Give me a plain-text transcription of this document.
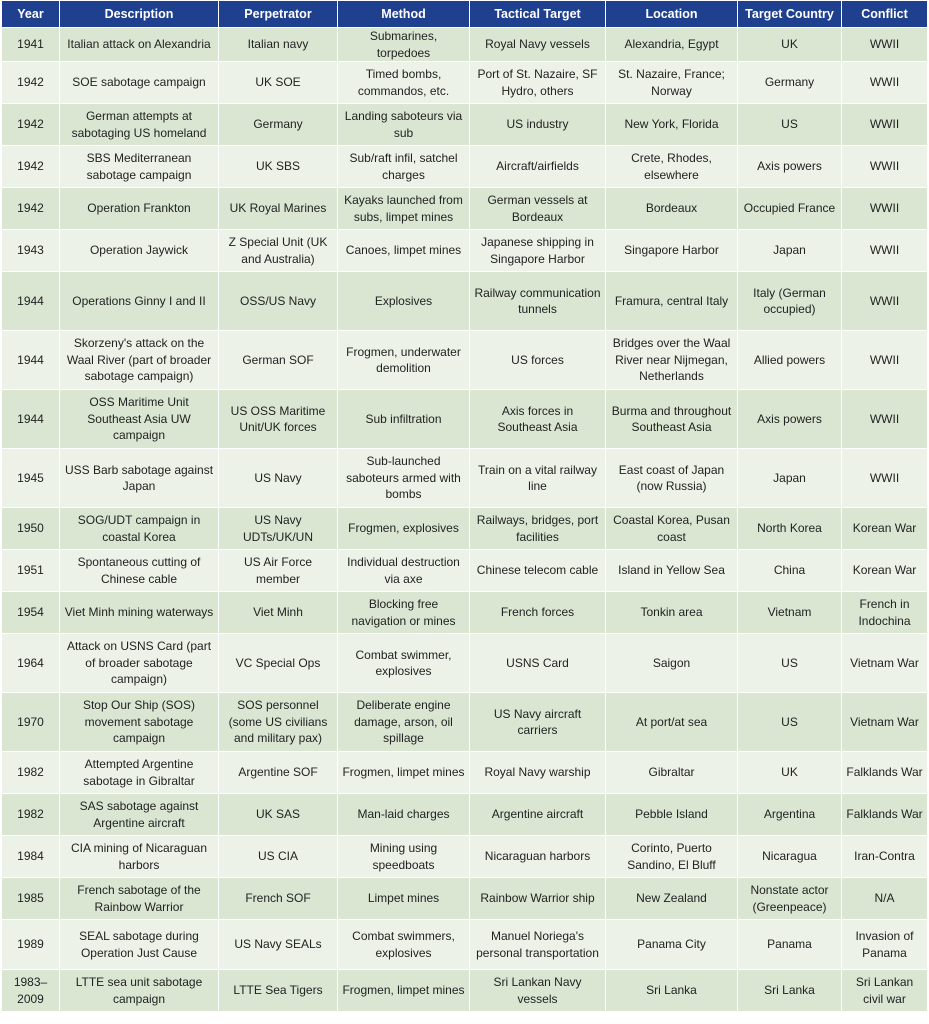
Year	Description	Perpetrator	Method	Tactical Target	Location	Target Country	Conflict
1941	Italian attack on Alexandria	Italian navy	Submarines, torpedoes	Royal Navy vessels	Alexandria, Egypt	UK	WWII
1942	SOE sabotage campaign	UK SOE	Timed bombs, commandos, etc.	Port of St. Nazaire, SF Hydro, others	St. Nazaire, France; Norway	Germany	WWII
1942	German attempts at sabotaging US homeland	Germany	Landing saboteurs via sub	US industry	New York, Florida	US	WWII
1942	SBS Mediterranean sabotage campaign	UK SBS	Sub/raft infil, satchel charges	Aircraft/airfields	Crete, Rhodes, elsewhere	Axis powers	WWII
1942	Operation Frankton	UK Royal Marines	Kayaks launched from subs, limpet mines	German vessels at Bordeaux	Bordeaux	Occupied France	WWII
1943	Operation Jaywick	Z Special Unit (UK and Australia)	Canoes, limpet mines	Japanese shipping in Singapore Harbor	Singapore Harbor	Japan	WWII
1944	Operations Ginny I and II	OSS/US Navy	Explosives	Railway communication tunnels	Framura, central Italy	Italy (German occupied)	WWII
1944	Skorzeny's attack on the Waal River (part of broader sabotage campaign)	German SOF	Frogmen, underwater demolition	US forces	Bridges over the Waal River near Nijmegan, Netherlands	Allied powers	WWII
1944	OSS Maritime Unit Southeast Asia UW campaign	US OSS Maritime Unit/UK forces	Sub infiltration	Axis forces in Southeast Asia	Burma and throughout Southeast Asia	Axis powers	WWII
1945	USS Barb sabotage against Japan	US Navy	Sub-launched saboteurs armed with bombs	Train on a vital railway line	East coast of Japan (now Russia)	Japan	WWII
1950	SOG/UDT campaign in coastal Korea	US Navy UDTs/UK/UN	Frogmen, explosives	Railways, bridges, port facilities	Coastal Korea, Pusan coast	North Korea	Korean War
1951	Spontaneous cutting of Chinese cable	US Air Force member	Individual destruction via axe	Chinese telecom cable	Island in Yellow Sea	China	Korean War
1954	Viet Minh mining waterways	Viet Minh	Blocking free navigation or mines	French forces	Tonkin area	Vietnam	French in Indochina
1964	Attack on USNS Card (part of broader sabotage campaign)	VC Special Ops	Combat swimmer, explosives	USNS Card	Saigon	US	Vietnam War
1970	Stop Our Ship (SOS) movement sabotage campaign	SOS personnel (some US civilians and military pax)	Deliberate engine damage, arson, oil spillage	US Navy aircraft carriers	At port/at sea	US	Vietnam War
1982	Attempted Argentine sabotage in Gibraltar	Argentine SOF	Frogmen, limpet mines	Royal Navy warship	Gibraltar	UK	Falklands War
1982	SAS sabotage against Argentine aircraft	UK SAS	Man-laid charges	Argentine aircraft	Pebble Island	Argentina	Falklands War
1984	CIA mining of Nicaraguan harbors	US CIA	Mining using speedboats	Nicaraguan harbors	Corinto, Puerto Sandino, El Bluff	Nicaragua	Iran-Contra
1985	French sabotage of the Rainbow Warrior	French SOF	Limpet mines	Rainbow Warrior ship	New Zealand	Nonstate actor (Greenpeace)	N/A
1989	SEAL sabotage during Operation Just Cause	US Navy SEALs	Combat swimmers, explosives	Manuel Noriega's personal transportation	Panama City	Panama	Invasion of Panama
1983–2009	LTTE sea unit sabotage campaign	LTTE Sea Tigers	Frogmen, limpet mines	Sri Lankan Navy vessels	Sri Lanka	Sri Lanka	Sri Lankan civil war
